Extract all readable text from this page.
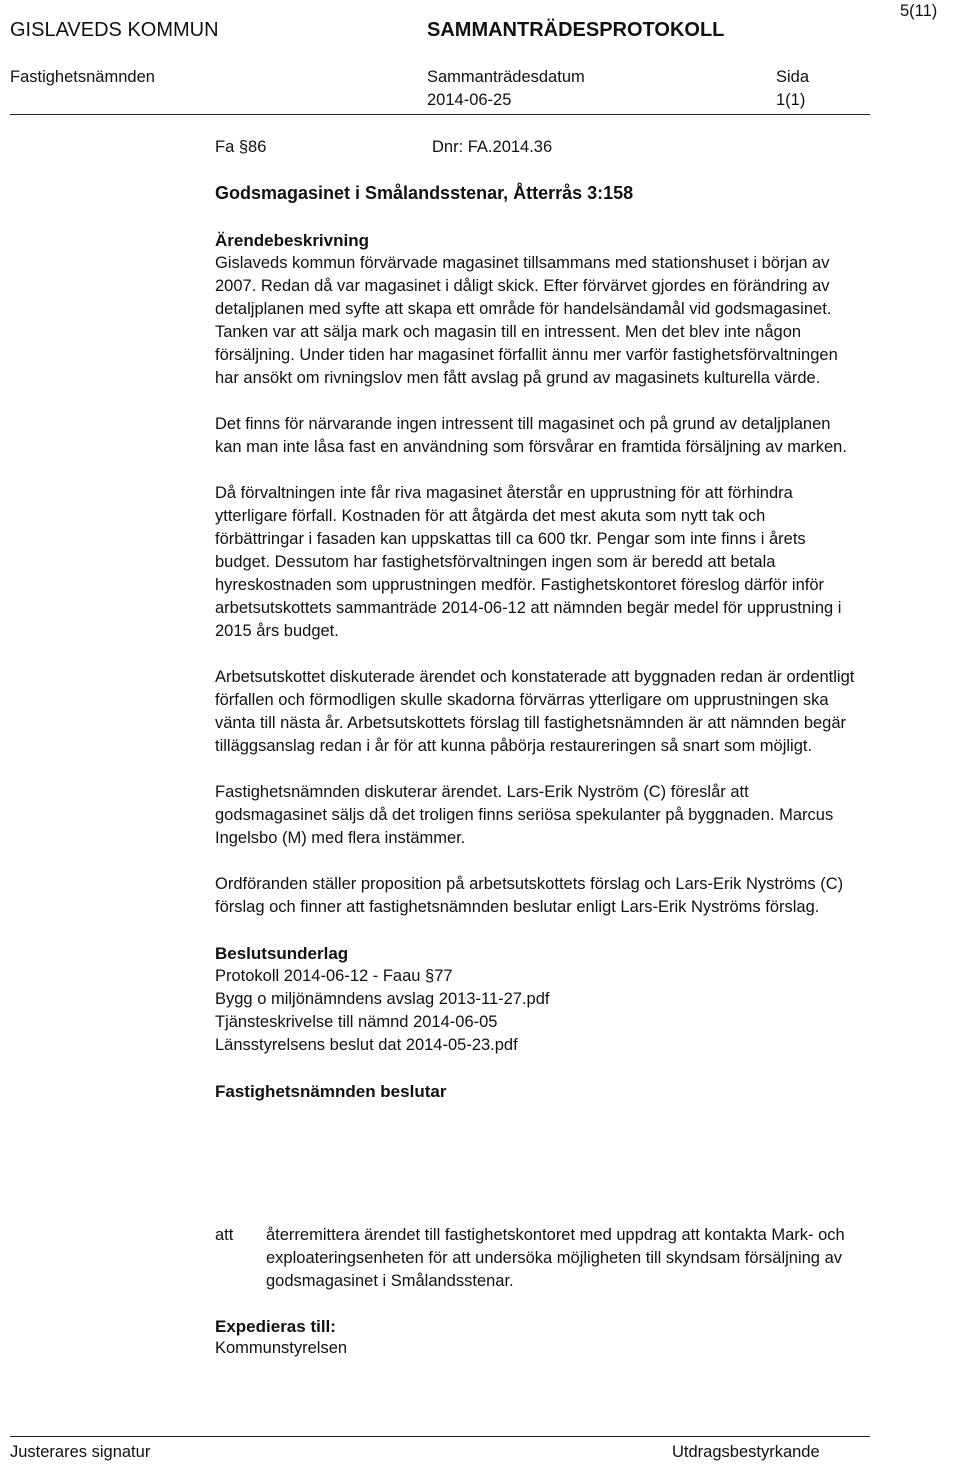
5(11)
GISLAVEDS KOMMUN	SAMMANTRÄDESPROTOKOLL
Fastighetsnämnden	Sammanträdesdatum
2014-06-25
Sida
1(1)
Fa §86	Dnr: FA.2014.36
Godsmagasinet i Smålandsstenar, Åtterrås 3:158
Ärendebeskrivning

Gislaveds kommun förvärvade magasinet tillsammans med stationshuset i början av 2007. Redan då var magasinet i dåligt skick. Efter förvärvet gjordes en förändring av detaljplanen med syfte att skapa ett område för handelsändamål vid godsmagasinet. Tanken var att sälja mark och magasin till en intressent. Men det blev inte någon försäljning. Under tiden har magasinet förfallit ännu mer varför fastighetsförvaltningen har ansökt om rivningslov men fått avslag på grund av magasinets kulturella värde.

Det finns för närvarande ingen intressent till magasinet och på grund av detaljplanen kan man inte låsa fast en användning som försvårar en framtida försäljning av marken.

Då förvaltningen inte får riva magasinet återstår en upprustning för att förhindra ytterligare förfall. Kostnaden för att åtgärda det mest akuta som nytt tak och förbättringar i fasaden kan uppskattas till ca 600 tkr. Pengar som inte finns i årets budget. Dessutom har fastighetsförvaltningen ingen som är beredd att betala hyreskostnaden som upprustningen medför. Fastighetskontoret föreslog därför inför arbetsutskottets sammanträde 2014-06-12 att nämnden begär medel för upprustning i 2015 års budget.

Arbetsutskottet diskuterade ärendet och konstaterade att byggnaden redan är ordentligt förfallen och förmodligen skulle skadorna förvärras ytterligare om upprustningen ska vänta till nästa år. Arbetsutskottets förslag till fastighetsnämnden är att nämnden begär tilläggsanslag redan i år för att kunna påbörja restaureringen så snart som möjligt.

Fastighetsnämnden diskuterar ärendet. Lars-Erik Nyström (C) föreslår att godsmagasinet säljs då det troligen finns seriösa spekulanter på byggnaden. Marcus Ingelsbo (M) med flera instämmer.

Ordföranden ställer proposition på arbetsutskottets förslag och Lars-Erik Nyströms (C) förslag och finner att fastighetsnämnden beslutar enligt Lars-Erik Nyströms förslag.

Beslutsunderlag
Protokoll 2014-06-12 - Faau §77
Bygg o miljönämndens avslag 2013-11-27.pdf
Tjänsteskrivelse till nämnd 2014-06-05
Länsstyrelsens beslut dat 2014-05-23.pdf
Fastighetsnämnden beslutar
att återremittera ärendet till fastighetskontoret med uppdrag att kontakta Mark- och exploateringsenheten för att undersöka möjligheten till skyndsam försäljning av godsmagasinet i Smålandsstenar.
Expedieras till:
Kommunstyrelsen
Justerares signatur	Utdragsbestyrkande
